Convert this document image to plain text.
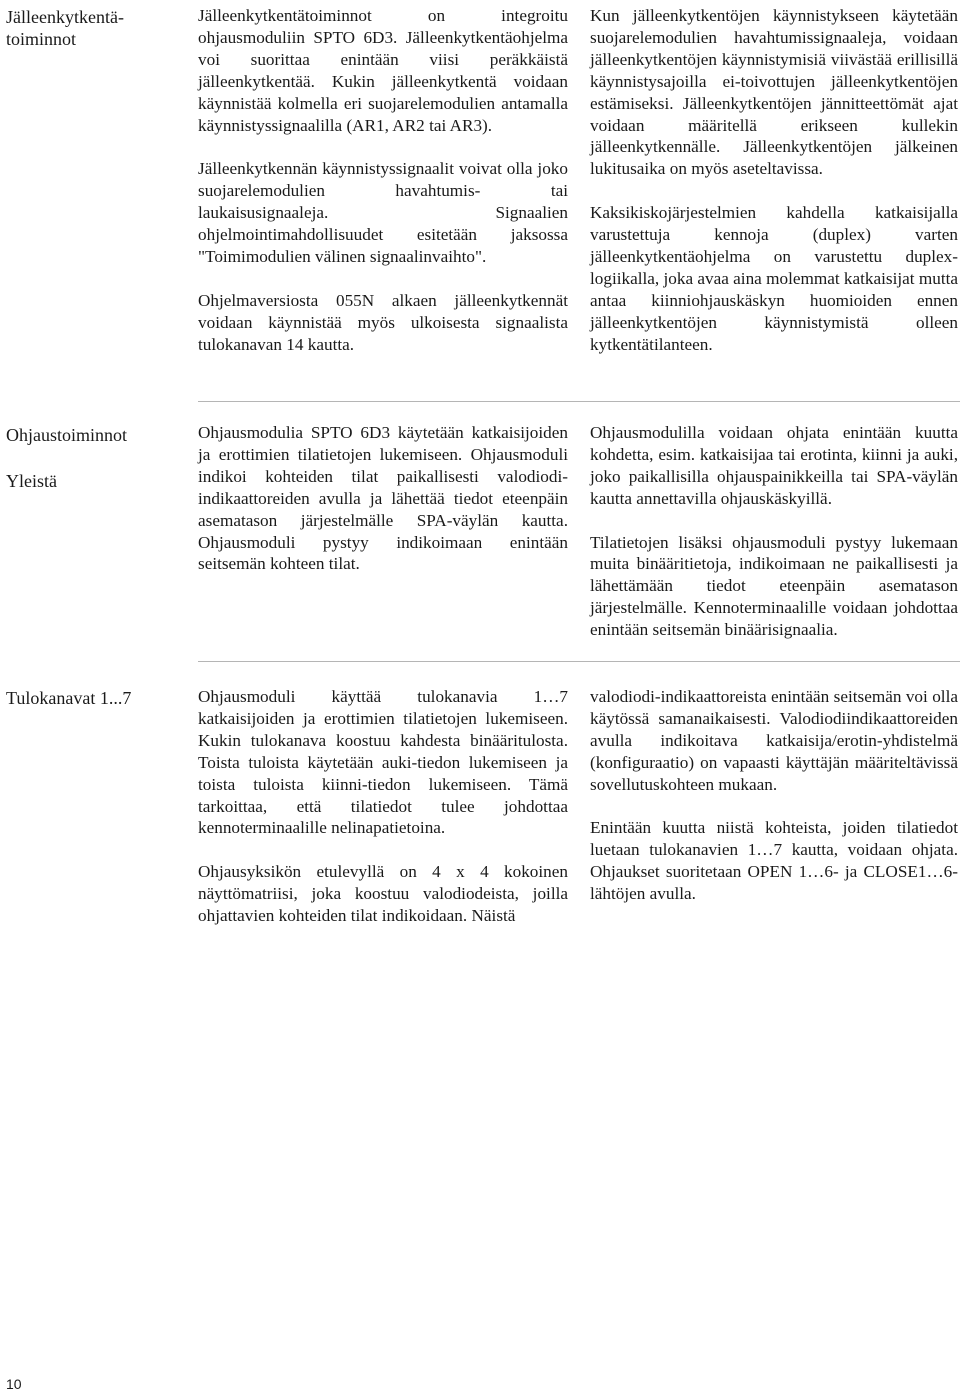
Jälleenkytkentä-
toiminnot

Jälleenkytkentätoiminnot on integroitu ohjausmoduliin SPTO 6D3. Jälleenkytkentäohjelma voi suorittaa enintään viisi peräkkäistä jälleenkytkentää. Kukin jälleenkytkentä voidaan käynnistää kolmella eri suojarelemodulien antamalla käynnistyssignaalilla (AR1, AR2 tai AR3).

Jälleenkytkennän käynnistyssignaalit voivat olla joko suojarelemodulien havahtumis- tai laukaisusignaaleja. Signaalien ohjelmointimahdollisuudet esitetään jaksossa "Toimimodulien välinen signaalinvaihto".

Ohjelmaversiosta 055N alkaen jälleenkytkennät voidaan käynnistää myös ulkoisesta signaalista tulokanavan 14 kautta.

Kun jälleenkytkentöjen käynnistykseen käytetään suojarelemodulien havahtumissignaaleja, voidaan jälleenkytkentöjen käynnistymisiä viivästää erillisillä käynnistysajoilla ei-toivottujen jälleenkytkentöjen estämiseksi. Jälleenkytkentöjen jännitteettömät ajat voidaan määritellä erikseen kullekin jälleenkytkennälle. Jälleenkytkentöjen jälkeinen lukitusaika on myös aseteltavissa.

Kaksikiskojärjestelmien kahdella katkaisijalla varustettuja kennoja (duplex) varten jälleenkytkentäohjelma on varustettu duplex-logiikalla, joka avaa aina molemmat katkaisijat mutta antaa kiinniohjauskäskyn huomioiden ennen jälleenkytkentöjen käynnistymistä olleen kytkentätilanteen.

Ohjaustoiminnot
Yleistä

Ohjausmodulia SPTO 6D3 käytetään katkaisijoiden ja erottimien tilatietojen lukemiseen. Ohjausmoduli indikoi kohteiden tilat paikallisesti valodiodi-indikaattoreiden avulla ja lähettää tiedot eteenpäin asematason järjestelmälle SPA-väylän kautta. Ohjausmoduli pystyy indikoimaan enintään seitsemän kohteen tilat.

Ohjausmodulilla voidaan ohjata enintään kuutta kohdetta, esim. katkaisijaa tai erotinta, kiinni ja auki, joko paikallisilla ohjauspainikkeilla tai SPA-väylän kautta annettavilla ohjauskäskyillä.

Tilatietojen lisäksi ohjausmoduli pystyy lukemaan muita binääritietoja, indikoimaan ne paikallisesti ja lähettämään tiedot eteenpäin asematason järjestelmälle. Kennoterminaalille voidaan johdottaa enintään seitsemän binäärisignaalia.

Tulokanavat 1...7	Ohjausmoduli käyttää tulokanavia 1…7 katkaisijoiden ja erottimien tilatietojen lukemiseen. Kukin tulokanava koostuu kahdesta binääritulosta. Toista tuloista käytetään auki-tiedon lukemiseen ja toista tuloista kiinni-tiedon lukemiseen. Tämä tarkoittaa, että tilatiedot tulee johdottaa kennoterminaalille nelinapatietoina.

Ohjausyksikön etulevyllä on 4 x 4 kokoinen näyttömatriisi, joka koostuu valodiodeista, joilla ohjattavien kohteiden tilat indikoidaan. Näistä

valodiodi-indikaattoreista enintään seitsemän voi olla käytössä samanaikaisesti. Valodiodiindikaattoreiden avulla indikoitava katkaisija/erotin-yhdistelmä (konfiguraatio) on vapaasti käyttäjän määriteltävissä sovellutuskohteen mukaan.

Enintään kuutta niistä kohteista, joiden tilatiedot luetaan tulokanavien 1…7 kautta, voidaan ohjata. Ohjaukset suoritetaan OPEN 1…6- ja CLOSE1…6-lähtöjen avulla.

10
